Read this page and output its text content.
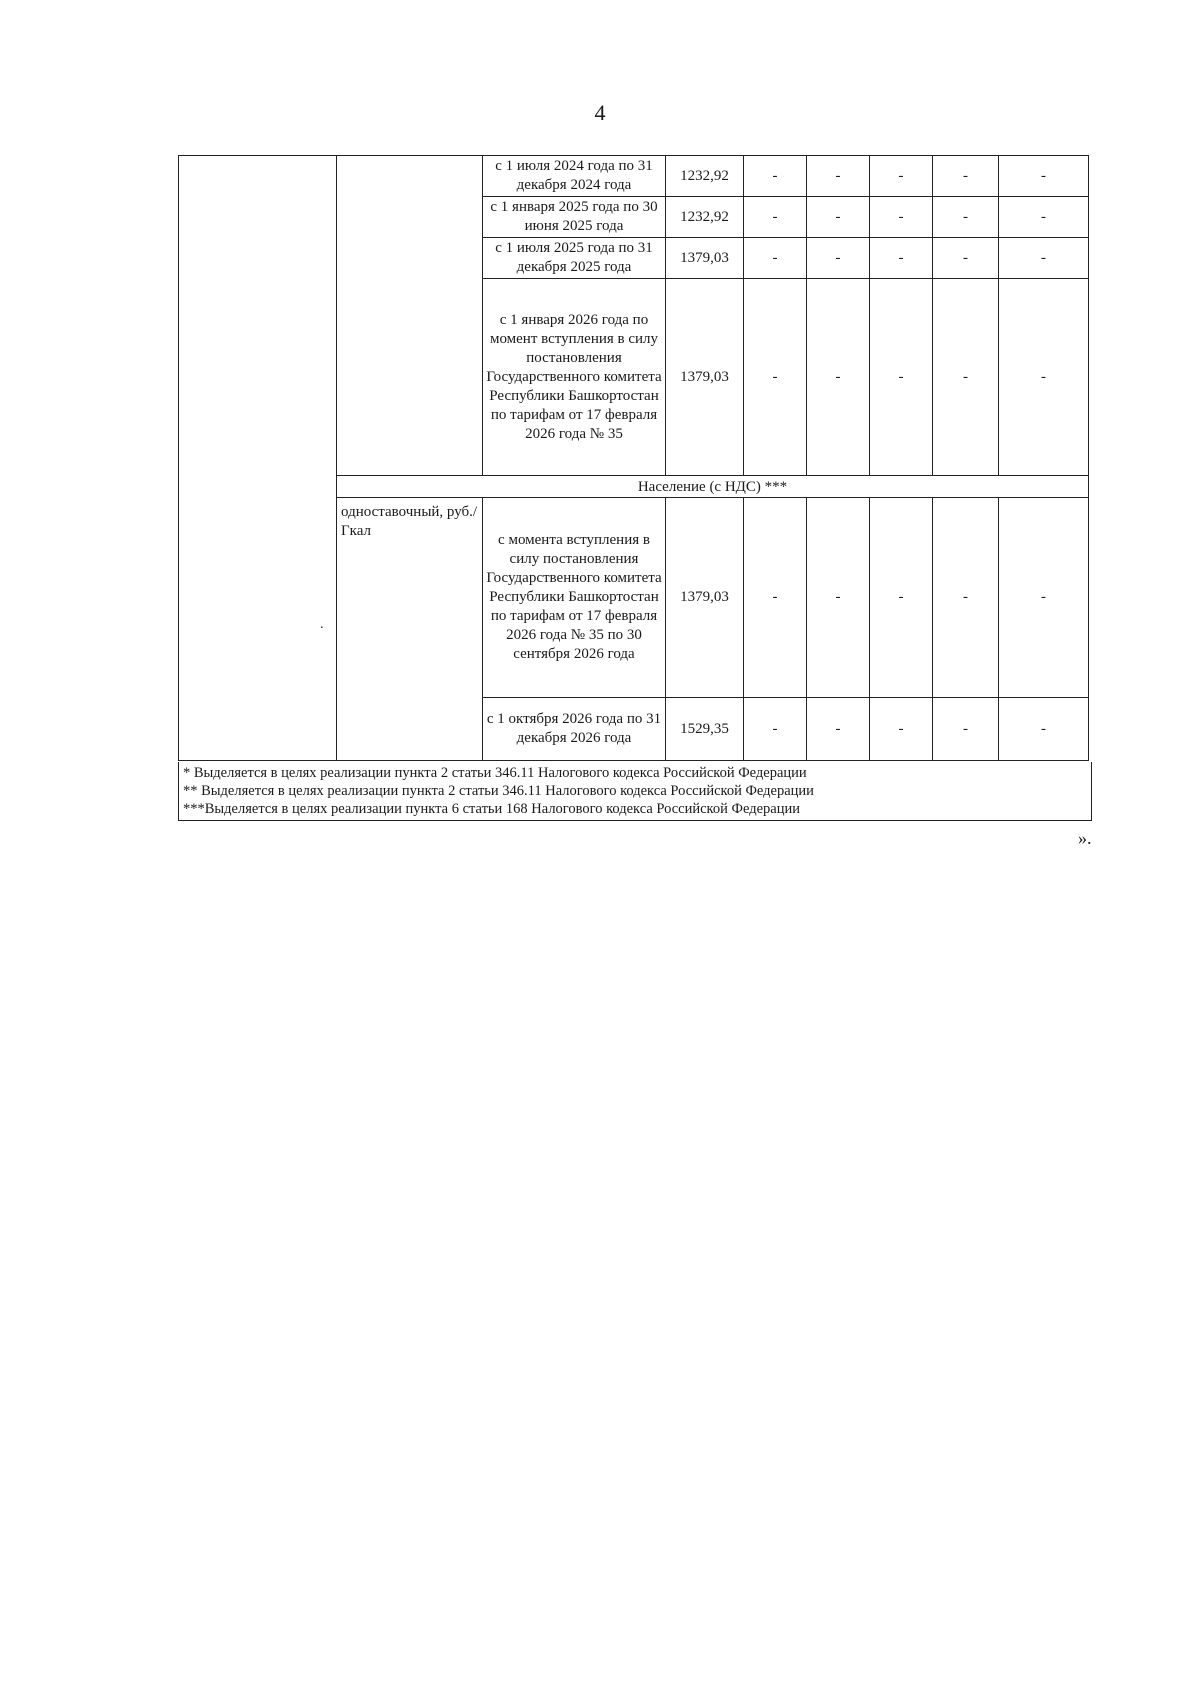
4
		с 1 июля 2024 года по 31 декабря 2024 года	1232,92	-	-	-	-	-
		с 1 января 2025 года по 30 июня 2025 года	1232,92	-	-	-	-	-
		с 1 июля 2025 года по 31 декабря 2025 года	1379,03	-	-	-	-	-
		с 1 января 2026 года по момент вступления в силу постановления Государственного комитета Республики Башкортостан по тарифам от 17 февраля 2026 года № 35	1379,03	-	-	-	-	-
	Население (с НДС) ***							
	одноставочный, руб./Гкал	с момента вступления в силу постановления Государственного комитета Республики Башкортостан по тарифам от 17 февраля 2026 года № 35 по 30 сентября 2026 года	1379,03	-	-	-	-	-
		с 1 октября 2026 года по 31 декабря 2026 года	1529,35	-	-	-	-	-
.
* Выделяется в целях реализации пункта 2 статьи 346.11 Налогового кодекса Российской Федерации
** Выделяется в целях реализации пункта 2 статьи 346.11 Налогового кодекса Российской Федерации
***Выделяется в целях реализации пункта 6 статьи 168 Налогового кодекса Российской Федерации
».
